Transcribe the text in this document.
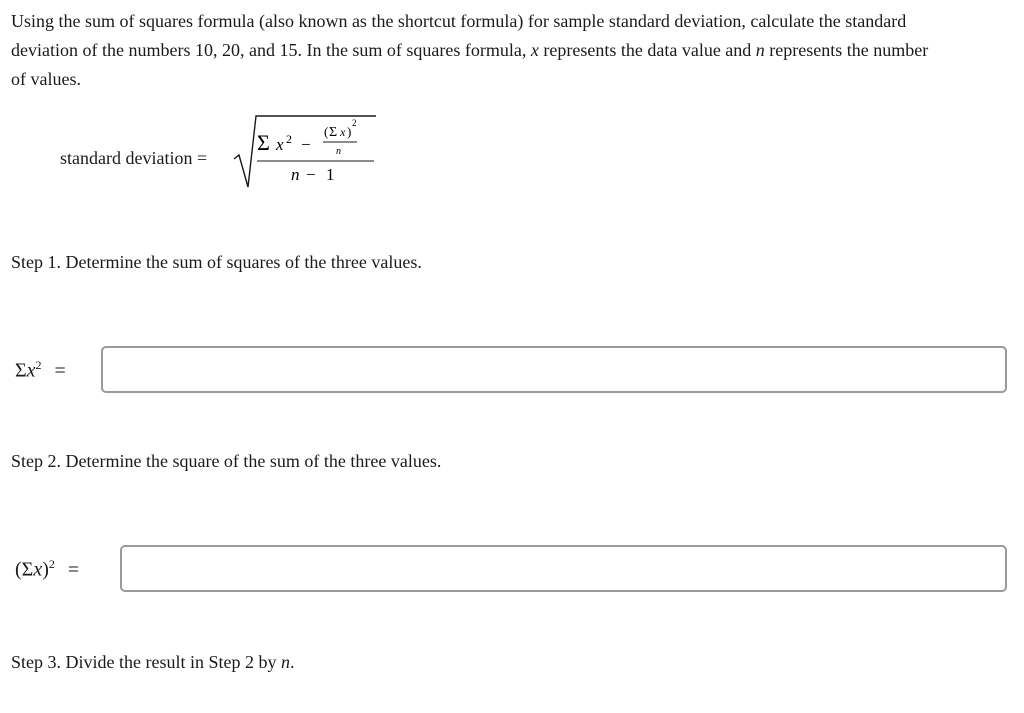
Using the sum of squares formula (also known as the shortcut formula) for sample standard deviation, calculate the standard
deviation of the numbers 10, 20, and 15. In the sum of squares formula, x represents the data value and n represents the number
of values.

standard deviation =
Σ x 2 −
( Σ x )
2
n
n − 1

Step 1. Determine the sum of squares of the three values.

$\Sigma x^2$ =

Step 2. Determine the square of the sum of the three values.

$(\Sigma x)^2$ =

Step 3. Divide the result in Step 2 by n.
